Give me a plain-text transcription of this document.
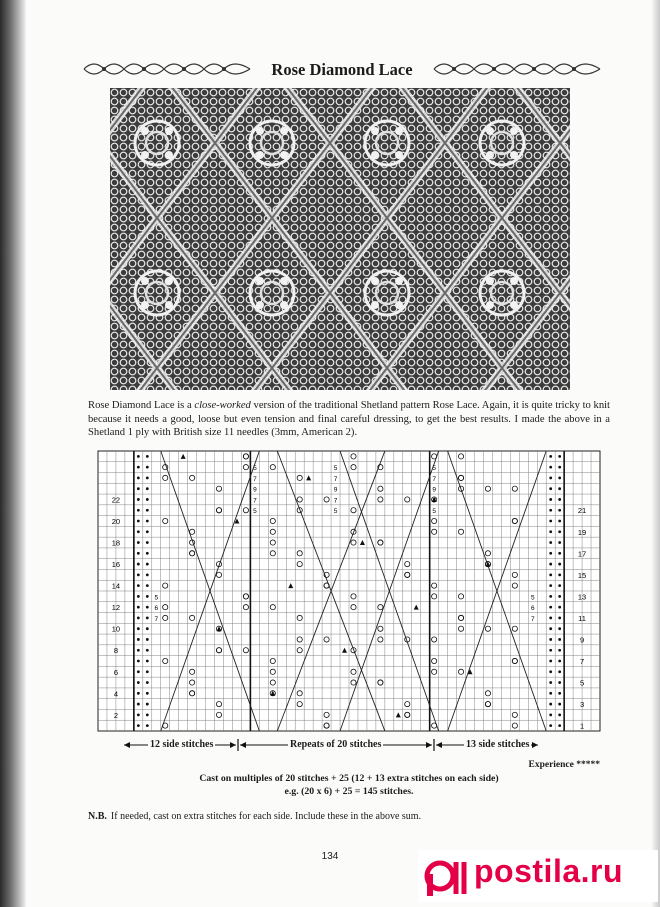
Rose Diamond Lace
Rose Diamond Lace is a close-worked version of the traditional Shetland pattern Rose Lace. Again, it is quite tricky to knit because it needs a good, loose but even tension and final careful dressing, to get the best results. I made the above in a Shetland 1 ply with British size 11 needles (3mm, American 2).
22
20
18
16
14
12
10
8
6
4
2
21
19
17
15
13
11
9
7
5
3
1
5	5	5
7	7	7
9	9	9
7	7	7
5	5	5
5	5
6	6
7	7
12 side stitches	Repeats of 20 stitches	13 side stitches
Experience *****
Cast on multiples of 20 stitches + 25 (12 + 13 extra stitches on each side)
e.g. (20 x 6) + 25 = 145 stitches.
N.B. If needed, cast on extra stitches for each side. Include these in the above sum.
134	postila.ru
